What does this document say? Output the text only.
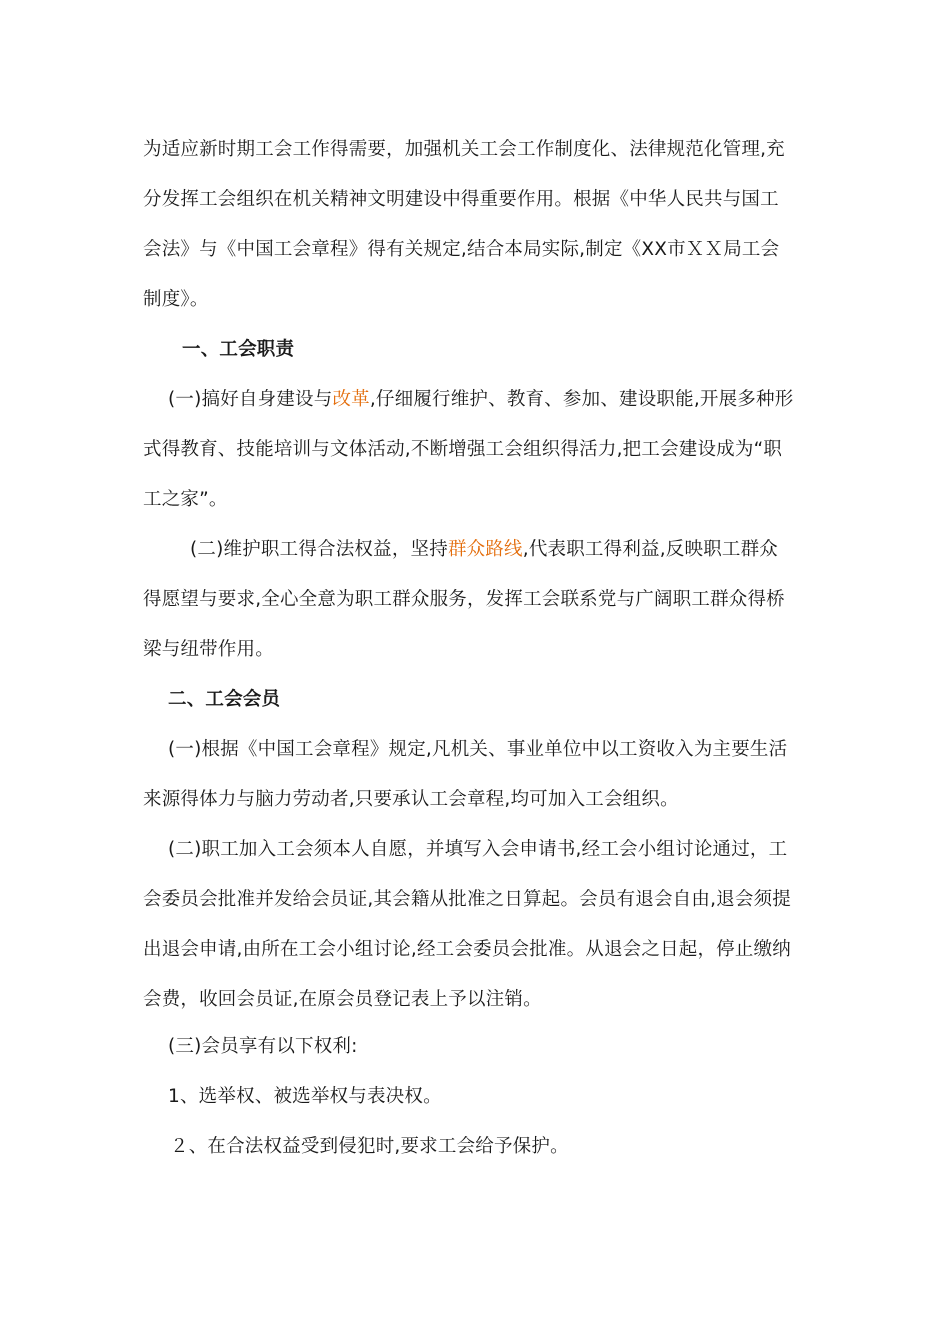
为适应新时期工会工作得需要，加强机关工会工作制度化、法律规范化管理,充
分发挥工会组织在机关精神文明建设中得重要作用。根据《中华人民共与国工
会法》与《中国工会章程》得有关规定,结合本局实际,制定《XX市ＸＸ局工会
制度》。
一、工会职责
(一)搞好自身建设与改革,仔细履行维护、教育、参加、建设职能,开展多种形
式得教育、技能培训与文体活动,不断增强工会组织得活力,把工会建设成为“职
工之家”。
(二)维护职工得合法权益，坚持群众路线,代表职工得利益,反映职工群众
得愿望与要求,全心全意为职工群众服务，发挥工会联系党与广阔职工群众得桥
梁与纽带作用。
二、工会会员
(一)根据《中国工会章程》规定,凡机关、事业单位中以工资收入为主要生活
来源得体力与脑力劳动者,只要承认工会章程,均可加入工会组织。
(二)职工加入工会须本人自愿，并填写入会申请书,经工会小组讨论通过，工
会委员会批准并发给会员证,其会籍从批准之日算起。会员有退会自由,退会须提
出退会申请,由所在工会小组讨论,经工会委员会批准。从退会之日起，停止缴纳
会费，收回会员证,在原会员登记表上予以注销。
(三)会员享有以下权利:
1、选举权、被选举权与表决权。
２、在合法权益受到侵犯时,要求工会给予保护。
